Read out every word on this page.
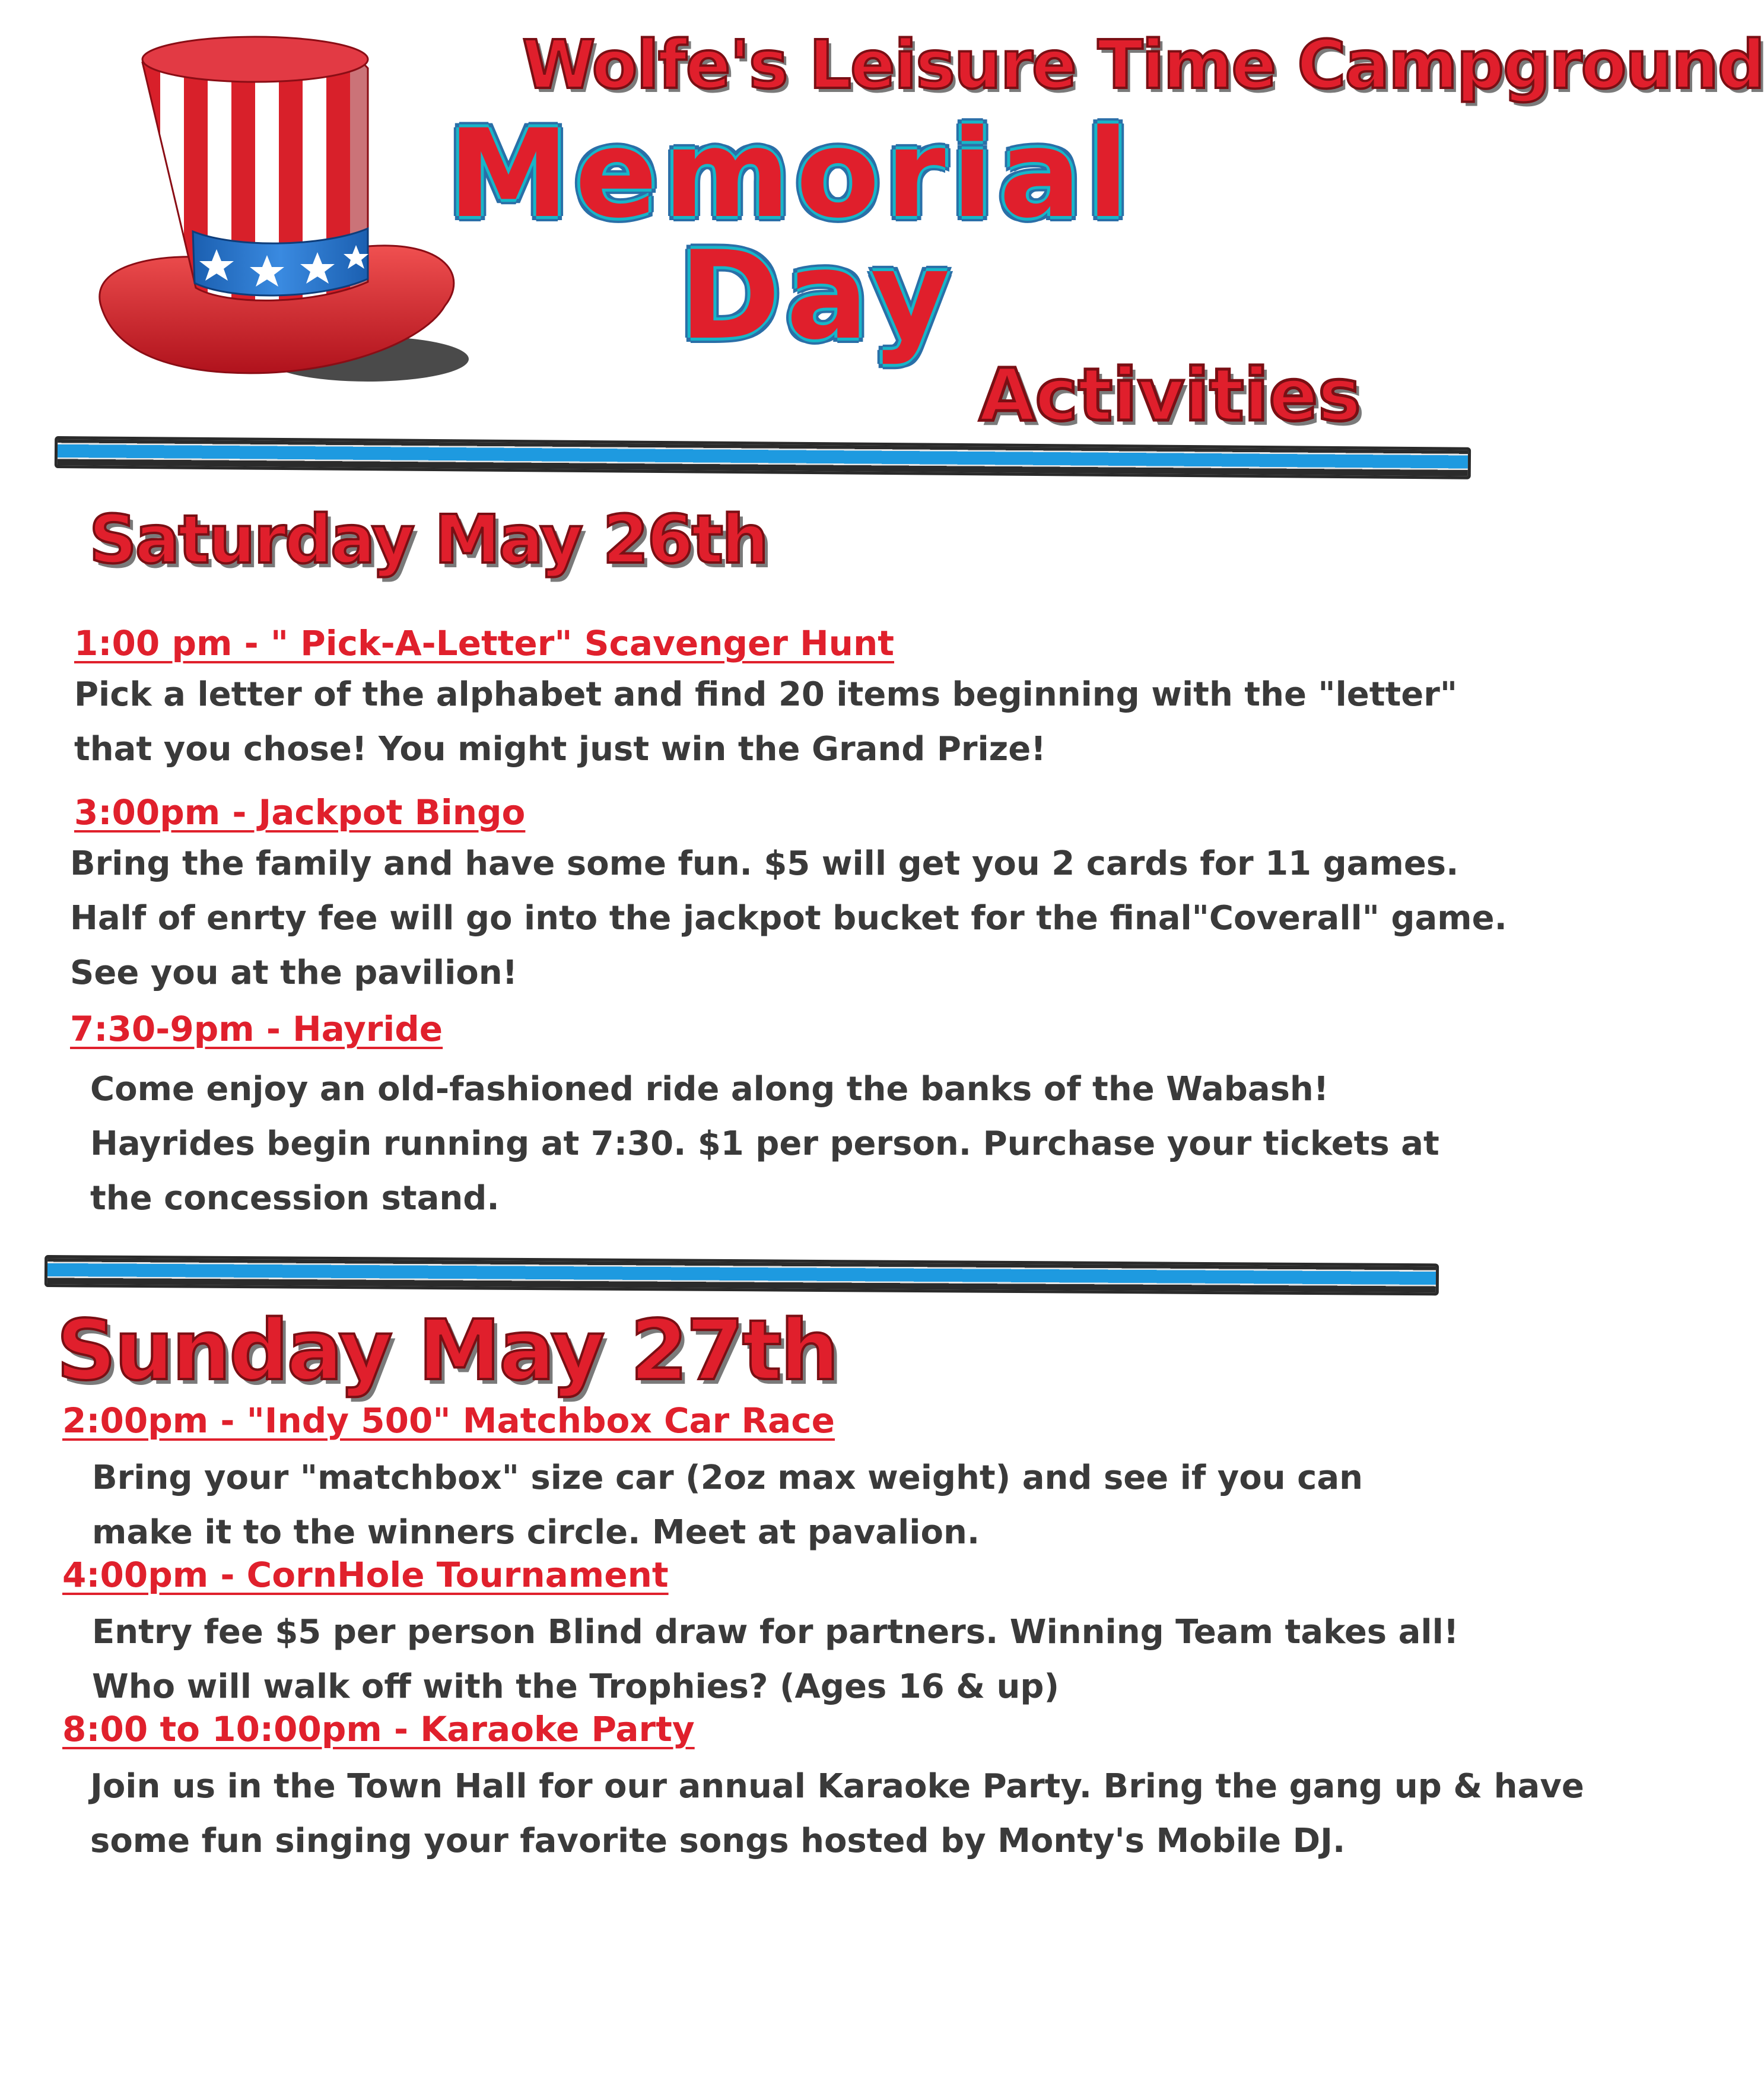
Wolfe's Leisure Time Campground
Memorial
Day
Activities
Saturday May 26th
1:00 pm - " Pick-A-Letter" Scavenger Hunt
Pick a letter of the alphabet and find 20 items beginning with the "letter"
that you chose! You might just win the Grand Prize!
3:00pm - Jackpot Bingo
Bring the family and have some fun. $5 will get you 2 cards for 11 games.
Half of enrty fee will go into the jackpot bucket for the final"Coverall" game.
See you at the pavilion!
7:30-9pm - Hayride
Come enjoy an old-fashioned ride along the banks of the Wabash!
Hayrides begin running at 7:30. $1 per person. Purchase your tickets at
the concession stand.
Sunday May 27th
2:00pm - "Indy 500" Matchbox Car Race
Bring your "matchbox" size car (2oz max weight) and see if you can
make it to the winners circle. Meet at pavalion.
4:00pm - CornHole Tournament
Entry fee $5 per person Blind draw for partners. Winning Team takes all!
Who will walk off with the Trophies? (Ages 16 & up)
8:00 to 10:00pm - Karaoke Party
Join us in the Town Hall for our annual Karaoke Party. Bring the gang up & have
some fun singing your favorite songs hosted by Monty's Mobile DJ.
